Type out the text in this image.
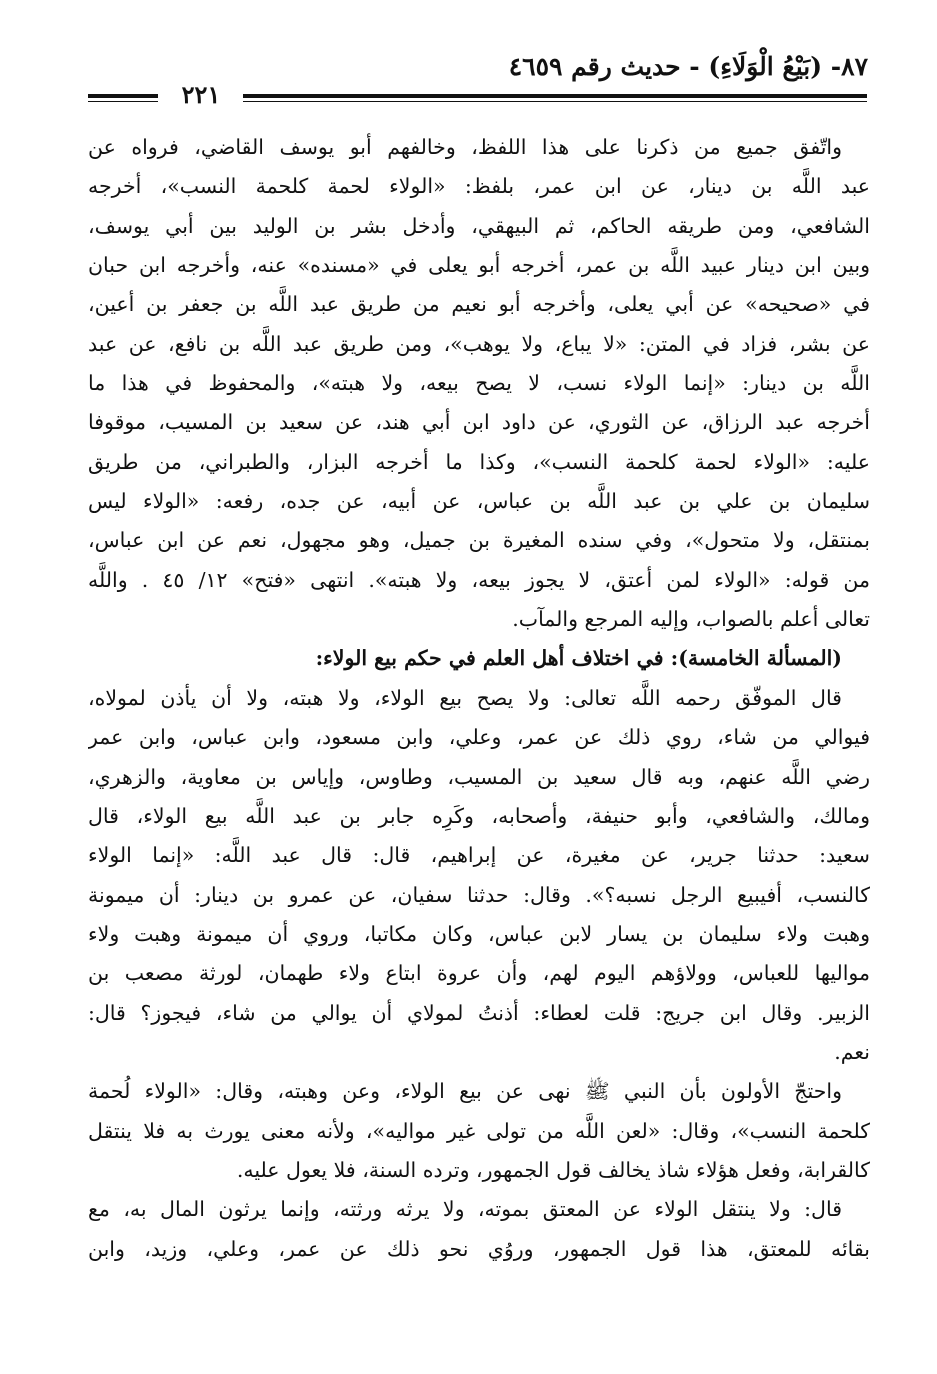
٨٧- (بَيْعُ الْوَلَاءِ) - حديث رقم ٤٦٥٩
٢٢١
واتّفق جميع من ذكرنا على هذا اللفظ، وخالفهم أبو يوسف القاضي، فرواه عن
عبد اللَّه بن دينار، عن ابن عمر، بلفظ: «الولاء لحمة كلحمة النسب»، أخرجه
الشافعي، ومن طريقه الحاكم، ثم البيهقي، وأدخل بشر بن الوليد بين أبي يوسف،
وبين ابن دينار عبيد اللَّه بن عمر، أخرجه أبو يعلى في «مسنده» عنه، وأخرجه ابن حبان
في «صحيحه» عن أبي يعلى، وأخرجه أبو نعيم من طريق عبد اللَّه بن جعفر بن أعين،
عن بشر، فزاد في المتن: «لا يباع، ولا يوهب»، ومن طريق عبد اللَّه بن نافع، عن عبد
اللَّه بن دينار: «إنما الولاء نسب، لا يصح بيعه، ولا هبته»، والمحفوظ في هذا ما
أخرجه عبد الرزاق، عن الثوري، عن داود ابن أبي هند، عن سعيد بن المسيب، موقوفا
عليه: «الولاء لحمة كلحمة النسب»، وكذا ما أخرجه البزار، والطبراني، من طريق
سليمان بن علي بن عبد اللَّه بن عباس، عن أبيه، عن جده، رفعه: «الولاء ليس
بمنتقل، ولا متحول»، وفي سنده المغيرة بن جميل، وهو مجهول، نعم عن ابن عباس،
من قوله: «الولاء لمن أعتق، لا يجوز بيعه، ولا هبته». انتهى «فتح» ١٢/ ٤٥ . واللَّه
تعالى أعلم بالصواب، وإليه المرجع والمآب.
(المسألة الخامسة): في اختلاف أهل العلم في حكم بيع الولاء:
قال الموفّق رحمه اللَّه تعالى: ولا يصح بيع الولاء، ولا هبته، ولا أن يأذن لمولاه،
فيوالي من شاء، روي ذلك عن عمر، وعلي، وابن مسعود، وابن عباس، وابن عمر
رضي اللَّه عنهم، وبه قال سعيد بن المسيب، وطاوس، وإياس بن معاوية، والزهري،
ومالك، والشافعي، وأبو حنيفة، وأصحابه، وكَرِه جابر بن عبد اللَّه بيع الولاء، قال
سعيد: حدثنا جرير، عن مغيرة، عن إبراهيم، قال: قال عبد اللَّه: «إنما الولاء
كالنسب، أفيبيع الرجل نسبه؟». وقال: حدثنا سفيان، عن عمرو بن دينار: أن ميمونة
وهبت ولاء سليمان بن يسار لابن عباس، وكان مكاتبا، وروي أن ميمونة وهبت ولاء
مواليها للعباس، وولاؤهم اليوم لهم، وأن عروة ابتاع ولاء طهمان، لورثة مصعب بن
الزبير. وقال ابن جريج: قلت لعطاء: أذنتُ لمولاي أن يوالي من شاء، فيجوز؟ قال:
نعم.
واحتجّ الأولون بأن النبي ﷺ نهى عن بيع الولاء، وعن وهبته، وقال: «الولاء لُحمة
كلحمة النسب»، وقال: «لعن اللَّه من تولى غير مواليه»، ولأنه معنى يورث به فلا ينتقل
كالقرابة، وفعل هؤلاء شاذ يخالف قول الجمهور، وترده السنة، فلا يعول عليه.
قال: ولا ينتقل الولاء عن المعتق بموته، ولا يرثه ورثته، وإنما يرثون المال به، مع
بقائه للمعتق، هذا قول الجمهور، وروُي نحو ذلك عن عمر، وعلي، وزيد، وابن
